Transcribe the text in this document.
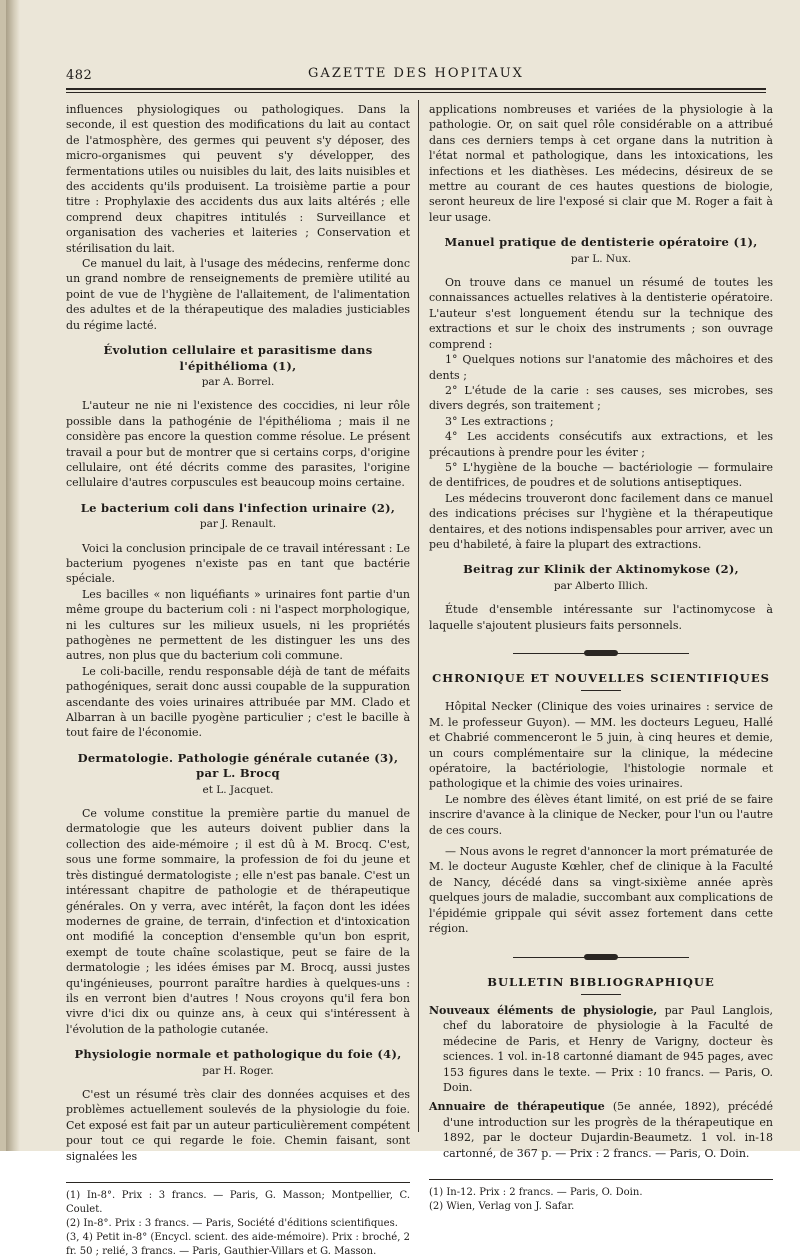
482	GAZETTE DES HOPITAUX

influences physiologiques ou pathologiques. Dans la seconde, il est question des modifications du lait au contact de l'atmosphère, des germes qui peuvent s'y déposer, des micro-organismes qui peuvent s'y développer, des fermentations utiles ou nuisibles du lait, des laits nuisibles et des accidents qu'ils produisent. La troisième partie a pour titre : Prophylaxie des accidents dus aux laits altérés ; elle comprend deux chapitres intitulés : Surveillance et organisation des vacheries et laiteries ; Conservation et stérilisation du lait.

Ce manuel du lait, à l'usage des médecins, renferme donc un grand nombre de renseignements de première utilité au point de vue de l'hygiène de l'allaitement, de l'alimentation des adultes et de la thérapeutique des maladies justiciables du régime lacté.

Évolution cellulaire et parasitisme dans l'épithélioma (1),
par A. Borrel.

L'auteur ne nie ni l'existence des coccidies, ni leur rôle possible dans la pathogénie de l'épithélioma ; mais il ne considère pas encore la question comme résolue. Le présent travail a pour but de montrer que si certains corps, d'origine cellulaire, ont été décrits comme des parasites, l'origine cellulaire d'autres corpuscules est beaucoup moins certaine.

Le bacterium coli dans l'infection urinaire (2),
par J. Renault.

Voici la conclusion principale de ce travail intéressant : Le bacterium pyogenes n'existe pas en tant que bactérie spéciale.

Les bacilles « non liquéfiants » urinaires font partie d'un même groupe du bacterium coli : ni l'aspect morphologique, ni les cultures sur les milieux usuels, ni les propriétés pathogènes ne permettent de les distinguer les uns des autres, non plus que du bacterium coli commune.

Le coli-bacille, rendu responsable déjà de tant de méfaits pathogéniques, serait donc aussi coupable de la suppuration ascendante des voies urinaires attribuée par MM. Clado et Albarran à un bacille pyogène particulier ; c'est le bacille à tout faire de l'économie.

Dermatologie. Pathologie générale cutanée (3), par L. Brocq
et L. Jacquet.

Ce volume constitue la première partie du manuel de dermatologie que les auteurs doivent publier dans la collection des aide-mémoire ; il est dû à M. Brocq. C'est, sous une forme sommaire, la profession de foi du jeune et très distingué dermatologiste ; elle n'est pas banale. C'est un intéressant chapitre de pathologie et de thérapeutique générales. On y verra, avec intérêt, la façon dont les idées modernes de graine, de terrain, d'infection et d'intoxication ont modifié la conception d'ensemble qu'un bon esprit, exempt de toute chaîne scolastique, peut se faire de la dermatologie ; les idées émises par M. Brocq, aussi justes qu'ingénieuses, pourront paraître hardies à quelques-uns : ils en verront bien d'autres ! Nous croyons qu'il fera bon vivre d'ici dix ou quinze ans, à ceux qui s'intéressent à l'évolution de la pathologie cutanée.

Physiologie normale et pathologique du foie (4),
par H. Roger.

C'est un résumé très clair des données acquises et des problèmes actuellement soulevés de la physiologie du foie. Cet exposé est fait par un auteur particulièrement compétent pour tout ce qui regarde le foie. Chemin faisant, sont signalées les

(1) In-8°. Prix : 3 francs. — Paris, G. Masson; Montpellier, C. Coulet.
(2) In-8°. Prix : 3 francs. — Paris, Société d'éditions scientifiques.
(3, 4) Petit in-8° (Encycl. scient. des aide-mémoire). Prix : broché, 2 fr. 50 ; relié, 3 francs. — Paris, Gauthier-Villars et G. Masson.

applications nombreuses et variées de la physiologie à la pathologie. Or, on sait quel rôle considérable on a attribué dans ces derniers temps à cet organe dans la nutrition à l'état normal et pathologique, dans les intoxications, les infections et les diathèses. Les médecins, désireux de se mettre au courant de ces hautes questions de biologie, seront heureux de lire l'exposé si clair que M. Roger a fait à leur usage.

Manuel pratique de dentisterie opératoire (1),
par L. Nux.

On trouve dans ce manuel un résumé de toutes les connaissances actuelles relatives à la dentisterie opératoire. L'auteur s'est longuement étendu sur la technique des extractions et sur le choix des instruments ; son ouvrage comprend :

1° Quelques notions sur l'anatomie des mâchoires et des dents ;

2° L'étude de la carie : ses causes, ses microbes, ses divers degrés, son traitement ;

3° Les extractions ;

4° Les accidents consécutifs aux extractions, et les précautions à prendre pour les éviter ;

5° L'hygiène de la bouche — bactériologie — formulaire de dentifrices, de poudres et de solutions antiseptiques.

Les médecins trouveront donc facilement dans ce manuel des indications précises sur l'hygiène et la thérapeutique dentaires, et des notions indispensables pour arriver, avec un peu d'habileté, à faire la plupart des extractions.

Beitrag zur Klinik der Aktinomykose (2),
par Alberto Illich.

Étude d'ensemble intéressante sur l'actinomycose à laquelle s'ajoutent plusieurs faits personnels.

CHRONIQUE ET NOUVELLES SCIENTIFIQUES

Hôpital Necker (Clinique des voies urinaires : service de M. le professeur Guyon). — MM. les docteurs Legueu, Hallé et Chabrié commenceront le 5 juin, à cinq heures et demie, un cours complémentaire sur la clinique, la médecine opératoire, la bactériologie, l'histologie normale et pathologique et la chimie des voies urinaires.

Le nombre des élèves étant limité, on est prié de se faire inscrire d'avance à la clinique de Necker, pour l'un ou l'autre de ces cours.

— Nous avons le regret d'annoncer la mort prématurée de M. le docteur Auguste Kœhler, chef de clinique à la Faculté de Nancy, décédé dans sa vingt-sixième année après quelques jours de maladie, succombant aux complications de l'épidémie grippale qui sévit assez fortement dans cette région.

BULLETIN BIBLIOGRAPHIQUE

Nouveaux éléments de physiologie, par Paul Langlois, chef du laboratoire de physiologie à la Faculté de médecine de Paris, et Henry de Varigny, docteur ès sciences. 1 vol. in-18 cartonné diamant de 945 pages, avec 153 figures dans le texte. — Prix : 10 francs. — Paris, O. Doin.

Annuaire de thérapeutique (5e année, 1892), précédé d'une introduction sur les progrès de la thérapeutique en 1892, par le docteur Dujardin-Beaumetz. 1 vol. in-18 cartonné, de 367 p. — Prix : 2 francs. — Paris, O. Doin.

(1) In-12. Prix : 2 francs. — Paris, O. Doin.
(2) Wien, Verlag von J. Safar.
